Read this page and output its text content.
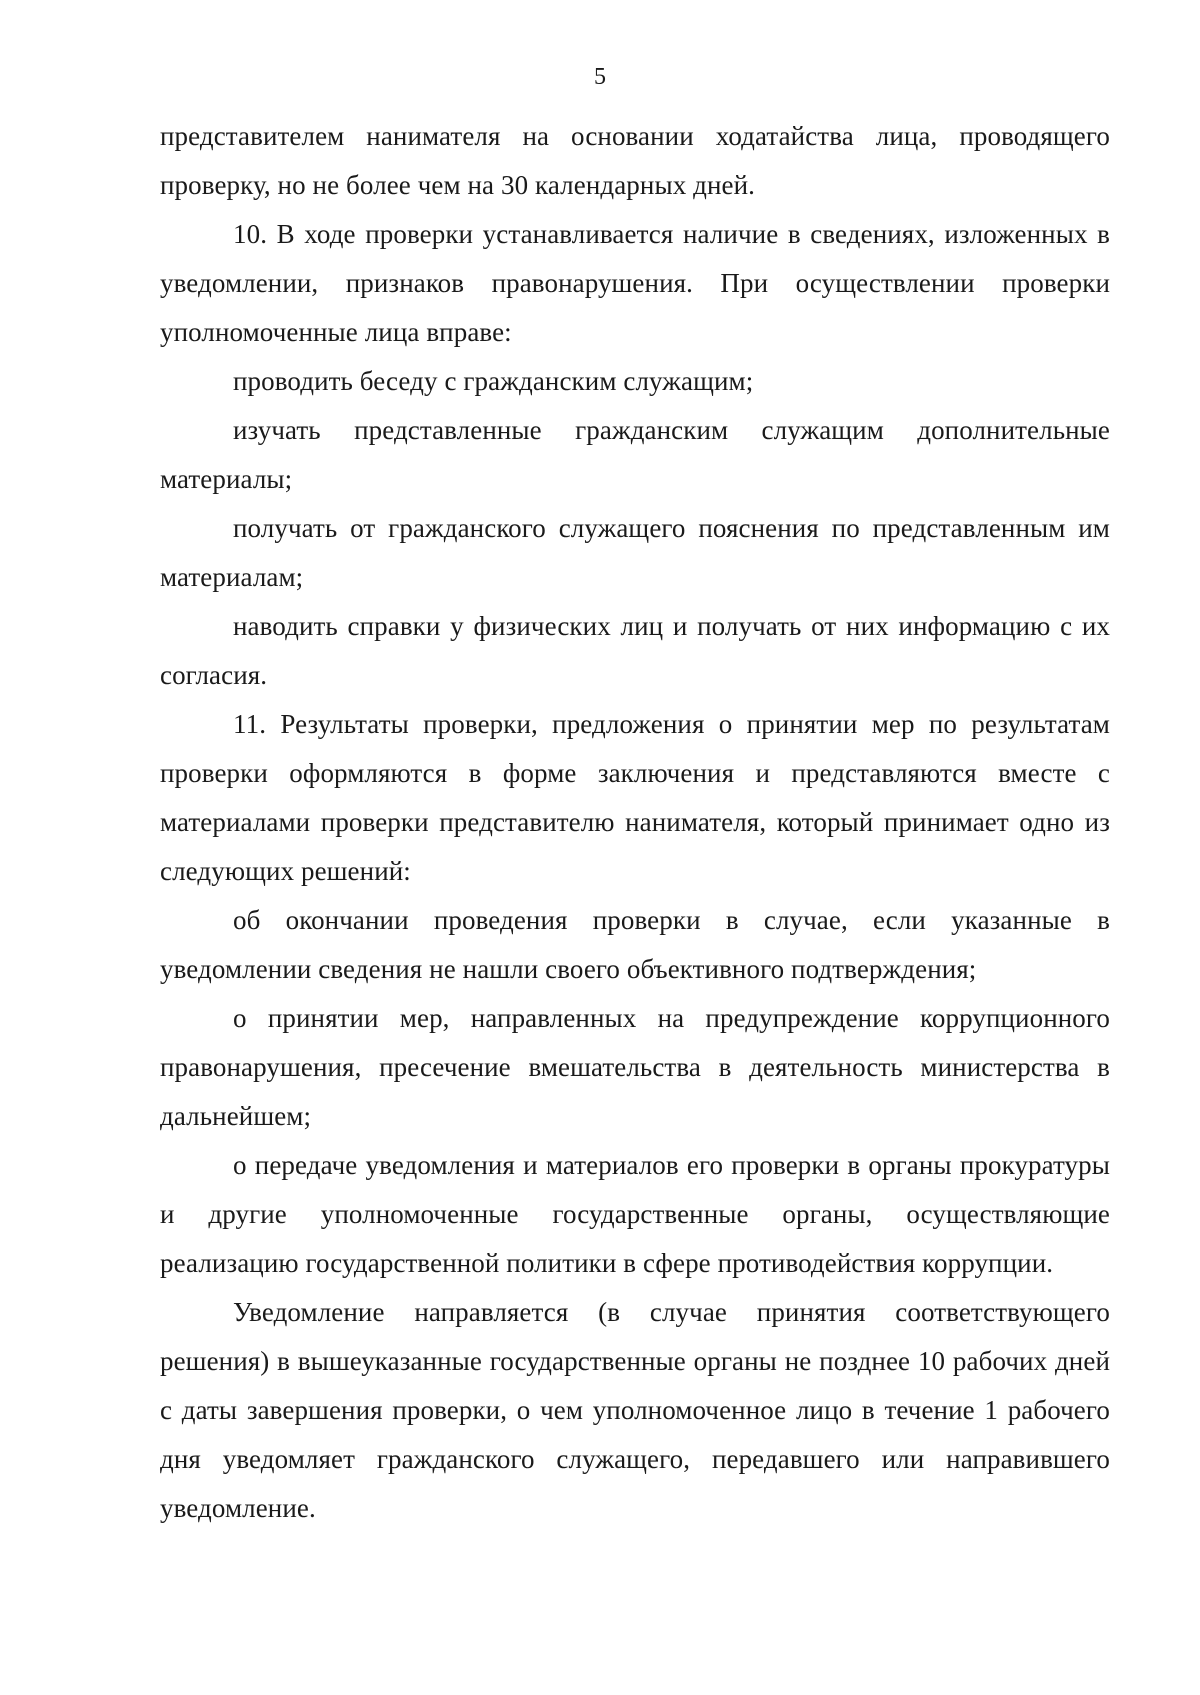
5

представителем нанимателя на основании ходатайства лица, проводящего проверку, но не более чем на 30 календарных дней.

10. В ходе проверки устанавливается наличие в сведениях, изложенных в уведомлении, признаков правонарушения. При осуществлении проверки уполномоченные лица вправе:

проводить беседу с гражданским служащим;

изучать представленные гражданским служащим дополнительные материалы;

получать от гражданского служащего пояснения по представленным им материалам;

наводить справки у физических лиц и получать от них информацию с их согласия.

11. Результаты проверки, предложения о принятии мер по результатам проверки оформляются в форме заключения и представляются вместе с материалами проверки представителю нанимателя, который принимает одно из следующих решений:

об окончании проведения проверки в случае, если указанные в уведомлении сведения не нашли своего объективного подтверждения;

о принятии мер, направленных на предупреждение коррупционного правонарушения, пресечение вмешательства в деятельность министерства в дальнейшем;

о передаче уведомления и материалов его проверки в органы прокуратуры и другие уполномоченные государственные органы, осуществляющие реализацию государственной политики в сфере противодействия коррупции.

Уведомление направляется (в случае принятия соответствующего решения) в вышеуказанные государственные органы не позднее 10 рабочих дней с даты завершения проверки, о чем уполномоченное лицо в течение 1 рабочего дня уведомляет гражданского служащего, передавшего или направившего уведомление.
